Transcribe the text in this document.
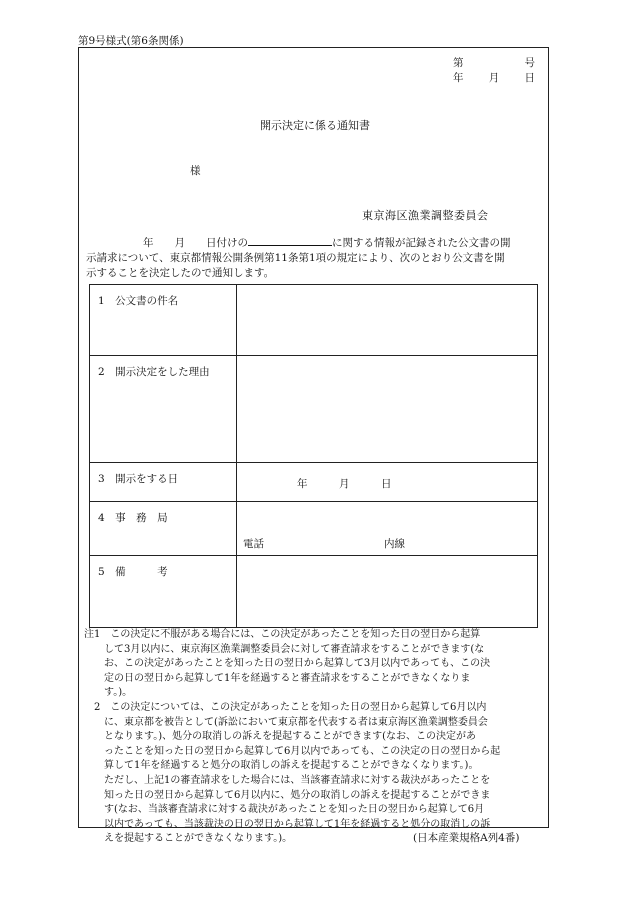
第9号様式(第6条関係)
第	号
年 月 日
開示決定に係る通知書
様
東京海区漁業調整委員会
年　　月　　日付けの	に関する情報が記録された公文書の開
示請求について、東京都情報公開条例第11条第1項の規定により、次のとおり公文書を開
示することを決定したので通知します。
1　公文書の件名	

2　開示決定をした理由	

3　開示をする日	年　　　月　　　日

4　事　務　局	電話 内線

5　備　　　考	

注1　この決定に不服がある場合には、この決定があったことを知った日の翌日から起算
　　して3月以内に、東京海区漁業調整委員会に対して審査請求をすることができます(な
　　お、この決定があったことを知った日の翌日から起算して3月以内であっても、この決
　　定の日の翌日から起算して1年を経過すると審査請求をすることができなくなりま
　　す。)。
　2　この決定については、この決定があったことを知った日の翌日から起算して6月以内
　　に、東京都を被告として(訴訟において東京都を代表する者は東京海区漁業調整委員会
　　となります。)、処分の取消しの訴えを提起することができます(なお、この決定があ
　　ったことを知った日の翌日から起算して6月以内であっても、この決定の日の翌日から起
　　算して1年を経過すると処分の取消しの訴えを提起することができなくなります。)。
　　ただし、上記1の審査請求をした場合には、当該審査請求に対する裁決があったことを
　　知った日の翌日から起算して6月以内に、処分の取消しの訴えを提起することができま
　　す(なお、当該審査請求に対する裁決があったことを知った日の翌日から起算して6月
　　以内であっても、当該裁決の日の翌日から起算して1年を経過すると処分の取消しの訴
　　えを提起することができなくなります。)。	(日本産業規格A列4番)
